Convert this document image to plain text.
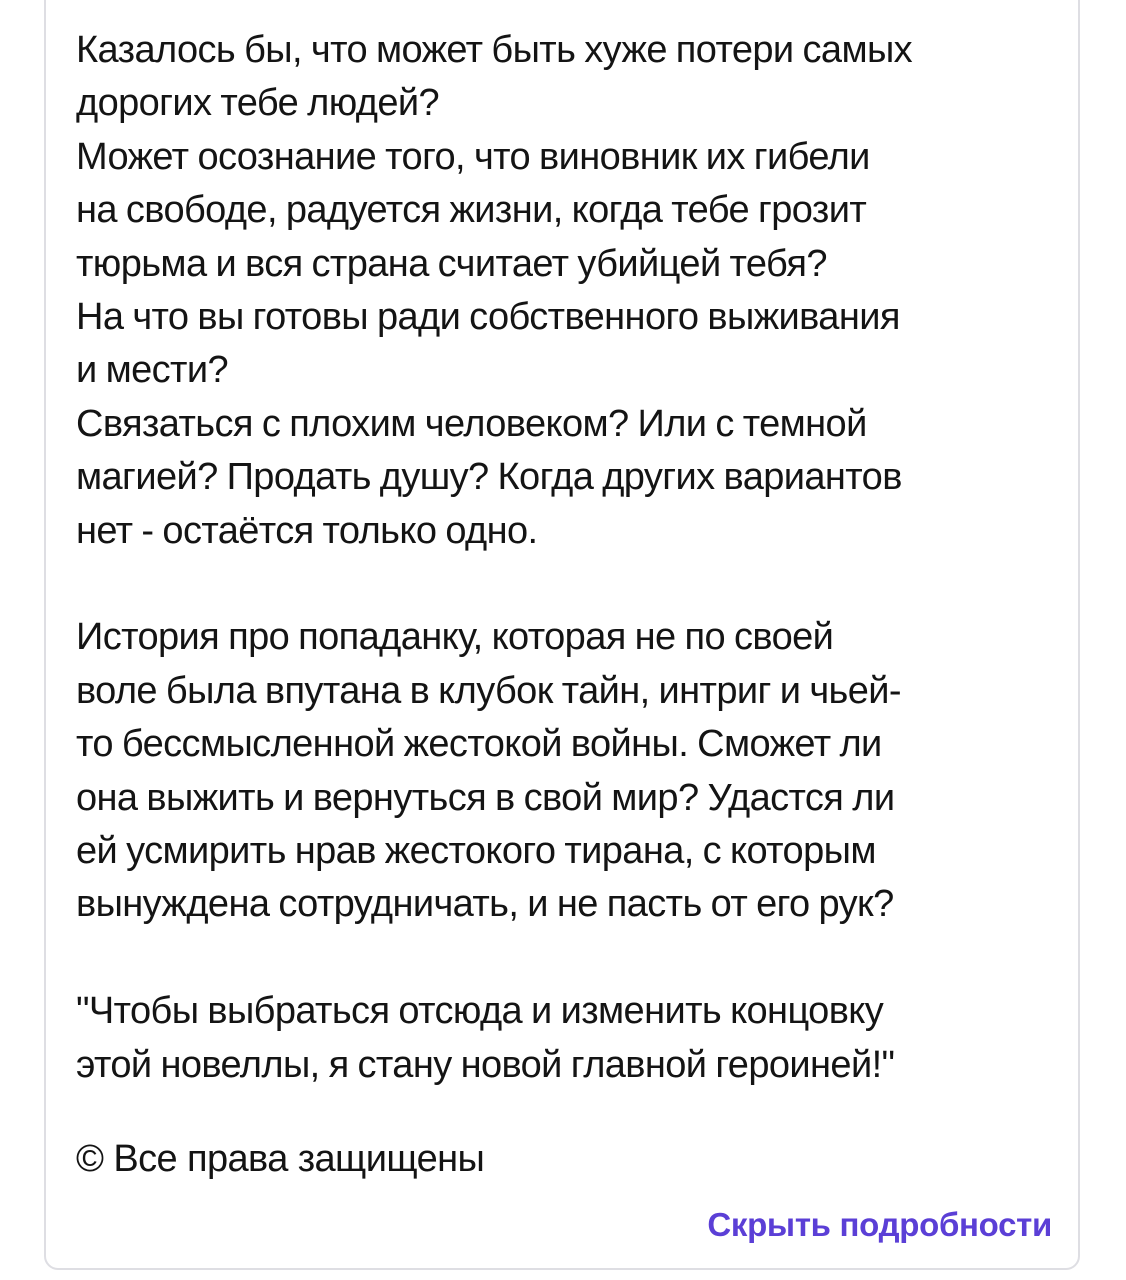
Казалось бы, что может быть хуже потери самых
дорогих тебе людей?
Может осознание того, что виновник их гибели
на свободе, радуется жизни, когда тебе грозит
тюрьма и вся страна считает убийцей тебя?
На что вы готовы ради собственного выживания
и мести?
Связаться с плохим человеком? Или с темной
магией? Продать душу? Когда других вариантов
нет - остаётся только одно.

История про попаданку, которая не по своей
воле была впутана в клубок тайн, интриг и чьей-
то бессмысленной жестокой войны. Сможет ли
она выжить и вернуться в свой мир? Удастся ли
ей усмирить нрав жестокого тирана, с которым
вынуждена сотрудничать, и не пасть от его рук?

"Чтобы выбраться отсюда и изменить концовку
этой новеллы, я стану новой главной героиней!"

© Все права защищены

Скрыть подробности
